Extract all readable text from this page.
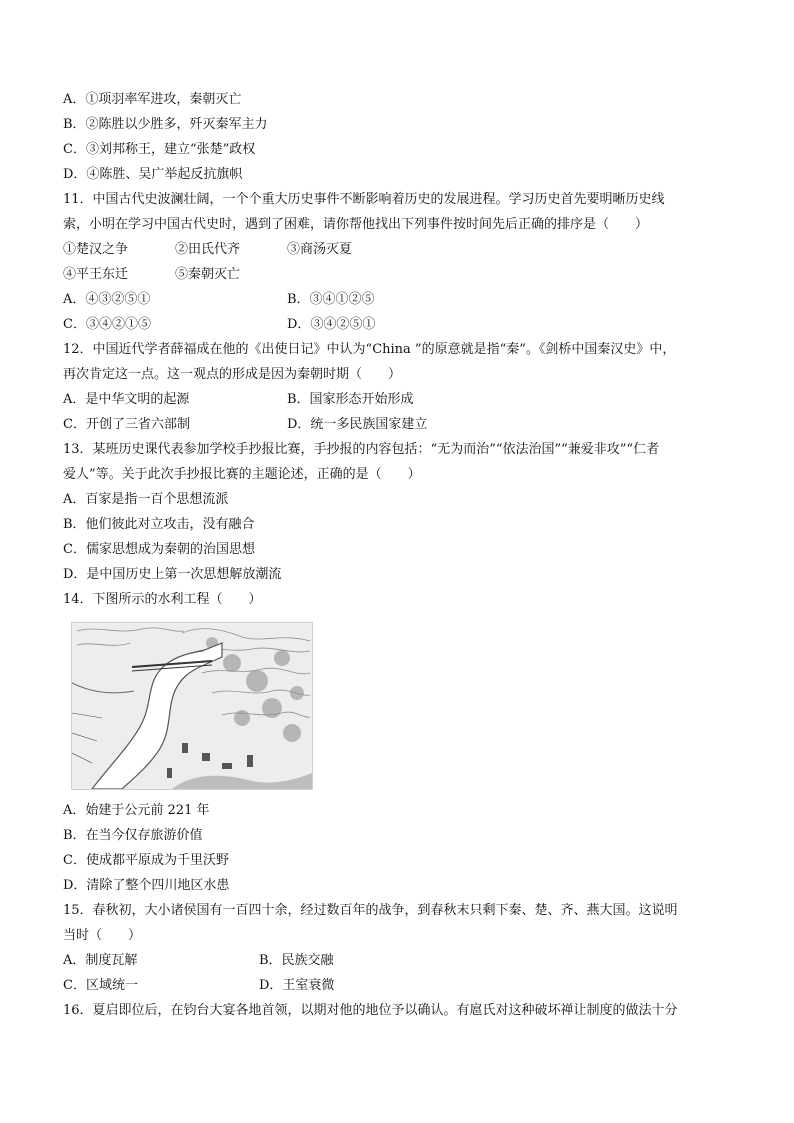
A．①项羽率军进攻，秦朝灭亡
B．②陈胜以少胜多，歼灭秦军主力
C．③刘邦称王，建立“张楚”政权
D．④陈胜、吴广举起反抗旗帜
11．中国古代史波澜壮阔，一个个重大历史事件不断影响着历史的发展进程。学习历史首先要明晰历史线
索，小明在学习中国古代史时，遇到了困难，请你帮他找出下列事件按时间先后正确的排序是（　　）
①楚汉之争	②田氏代齐	③商汤灭夏
④平王东迁	⑤秦朝灭亡
A．④③②⑤①	B．③④①②⑤
C．③④②①⑤	D．③④②⑤①
12．中国近代学者薛福成在他的《出使日记》中认为“China ”的原意就是指“秦”。《剑桥中国秦汉史》中，
再次肯定这一点。这一观点的形成是因为秦朝时期（　　）
A．是中华文明的起源	B．国家形态开始形成
C．开创了三省六部制	D．统一多民族国家建立
13．某班历史课代表参加学校手抄报比赛，手抄报的内容包括：“无为而治”“依法治国”“兼爱非攻”“仁者
爱人”等。关于此次手抄报比赛的主题论述，正确的是（　　）
A．百家是指一百个思想流派
B．他们彼此对立攻击，没有融合
C．儒家思想成为秦朝的治国思想
D．是中国历史上第一次思想解放潮流
14．下图所示的水利工程（　　）
A．始建于公元前 221 年
B．在当今仅存旅游价值
C．使成都平原成为千里沃野
D．清除了整个四川地区水患
15．春秋初，大小诸侯国有一百四十余，经过数百年的战争，到春秋末只剩下秦、楚、齐、燕大国。这说明
当时（　　）
A．制度瓦解	B．民族交融
C．区域统一	D．王室衰微
16．夏启即位后，在钧台大宴各地首领，以期对他的地位予以确认。有扈氏对这种破坏禅让制度的做法十分
